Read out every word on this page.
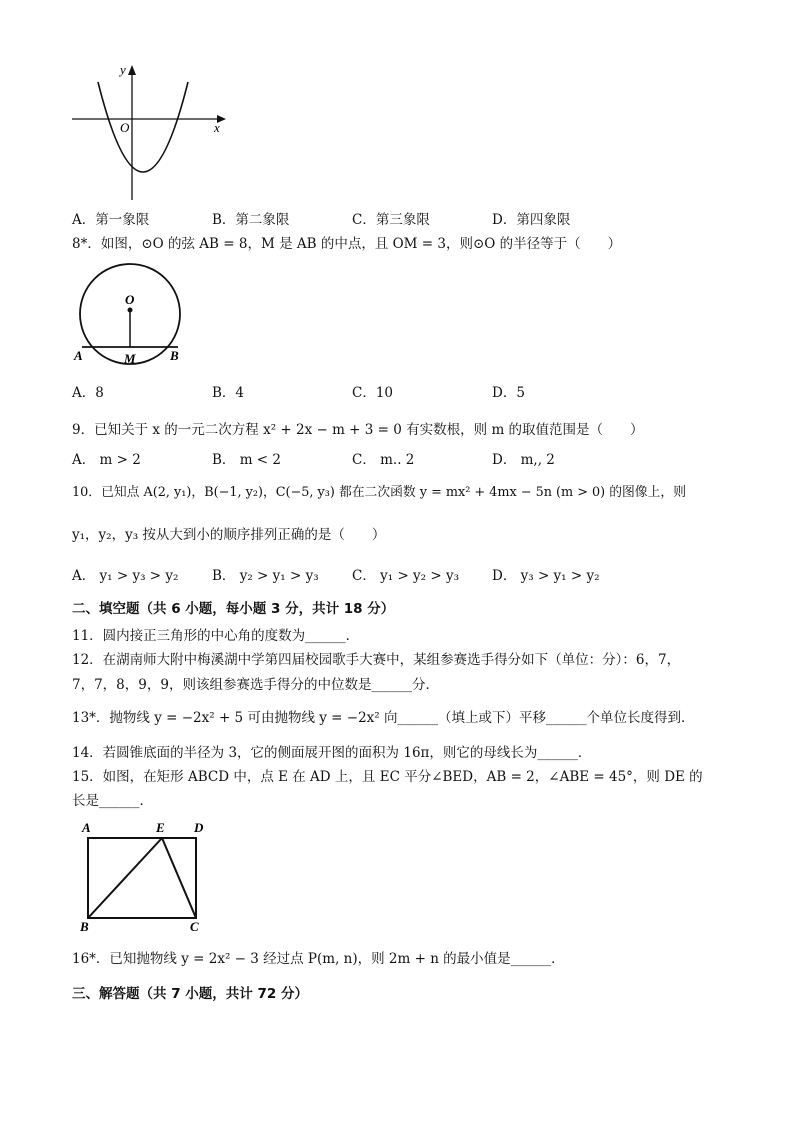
y
x
O
A．第一象限	B．第二象限	C．第三象限	D．第四象限
8*．如图，⊙O 的弦 AB = 8，M 是 AB 的中点，且 OM = 3，则⊙O 的半径等于（　　）
O
A	M	B
A．8	B．4	C．10	D．5
9．已知关于 x 的一元二次方程 x² + 2x − m + 3 = 0 有实数根，则 m 的取值范围是（　　）
A． m > 2	B． m < 2	C． m.. 2	D． m,, 2
10．已知点 A(2, y₁)，B(−1, y₂)，C(−5, y₃) 都在二次函数 y = mx² + 4mx − 5n (m > 0) 的图像上，则
y₁，y₂，y₃ 按从大到小的顺序排列正确的是（　　）
A． y₁ > y₃ > y₂ B． y₂ > y₁ > y₃ C． y₁ > y₂ > y₃ D． y₃ > y₁ > y₂
二、填空题（共 6 小题，每小题 3 分，共计 18 分）
11．圆内接正三角形的中心角的度数为______．
12．在湖南师大附中梅溪湖中学第四届校园歌手大赛中，某组参赛选手得分如下（单位：分）：6，7，
7，7，8，9，9，则该组参赛选手得分的中位数是______分．
13*．抛物线 y = −2x² + 5 可由抛物线 y = −2x² 向______（填上或下）平移______个单位长度得到．
14．若圆锥底面的半径为 3，它的侧面展开图的面积为 16π，则它的母线长为______．
15．如图，在矩形 ABCD 中，点 E 在 AD 上，且 EC 平分∠BED，AB = 2，∠ABE = 45°，则 DE 的
长是______．
A	E D
B	C
16*．已知抛物线 y = 2x² − 3 经过点 P(m, n)，则 2m + n 的最小值是______．
三、解答题（共 7 小题，共计 72 分）
